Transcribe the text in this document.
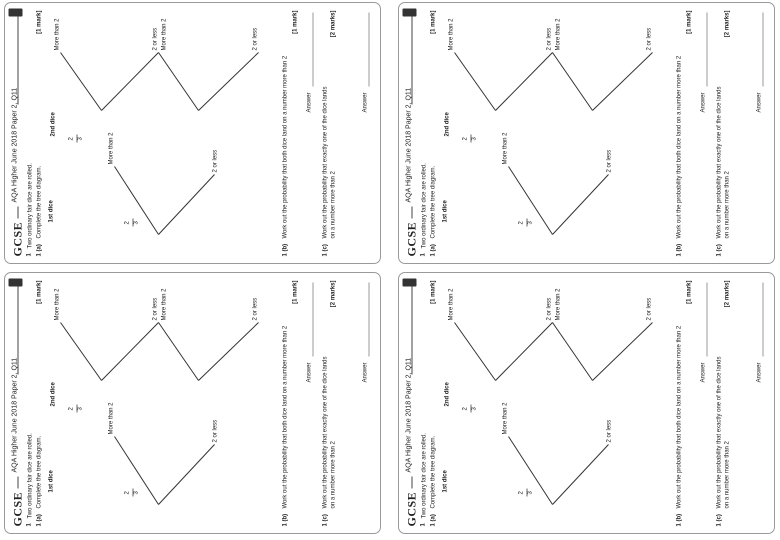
GCSE
AQA Higher June 2018 Paper 2, Q11
1
Two ordinary fair dice are rolled.
1 (a)
Complete the tree diagram.
[1 mark]
1st dice
2nd dice
2 3
2 3	More than 2	2 or less
More than 2	2 or less More than 2	2 or less
1 (b)
Work out the probability that both dice land on a number more than 2
[1 mark]
Answer
1 (c)
Work out the probability that exactly one of the dice lands on a number more than 2
[2 marks]
Answer
GCSE
AQA Higher June 2018 Paper 2, Q11
1
Two ordinary fair dice are rolled.
1 (a)
Complete the tree diagram.
[1 mark]
1st dice
2nd dice
2 3
2 3	More than 2	2 or less
More than 2	2 or less More than 2	2 or less
1 (b)
Work out the probability that both dice land on a number more than 2
[1 mark]
Answer
1 (c)
Work out the probability that exactly one of the dice lands on a number more than 2
[2 marks]
Answer
GCSE
AQA Higher June 2018 Paper 2, Q11
1
Two ordinary fair dice are rolled.
1 (a)
Complete the tree diagram.
[1 mark]
1st dice
2nd dice
2 3
2 3	More than 2	2 or less
More than 2	2 or less More than 2	2 or less
1 (b)
Work out the probability that both dice land on a number more than 2
[1 mark]
Answer
1 (c)
Work out the probability that exactly one of the dice lands on a number more than 2
[2 marks]
Answer
GCSE
AQA Higher June 2018 Paper 2, Q11
1
Two ordinary fair dice are rolled.
1 (a)
Complete the tree diagram.
[1 mark]
1st dice
2nd dice
2 3
2 3	More than 2	2 or less
More than 2	2 or less More than 2	2 or less
1 (b)
Work out the probability that both dice land on a number more than 2
[1 mark]
Answer
1 (c)
Work out the probability that exactly one of the dice lands on a number more than 2
[2 marks]
Answer
